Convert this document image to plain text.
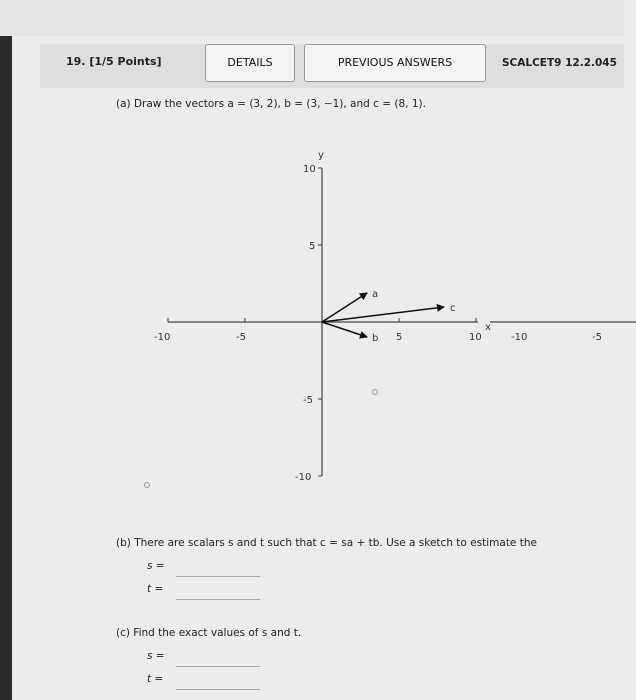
19. [1/5 Points]	DETAILS	PREVIOUS ANSWERS	SCALCET9 12.2.045
(a) Draw the vectors a = (3, 2), b = (3, −1), and c = (8, 1).
y
x
10
5
-5
-10
-10	-5	5	10
a
b
c
-10	-5
(b) There are scalars s and t such that c = sa + tb. Use a sketch to estimate the
s =
t =
(c) Find the exact values of s and t.
s =
t =
